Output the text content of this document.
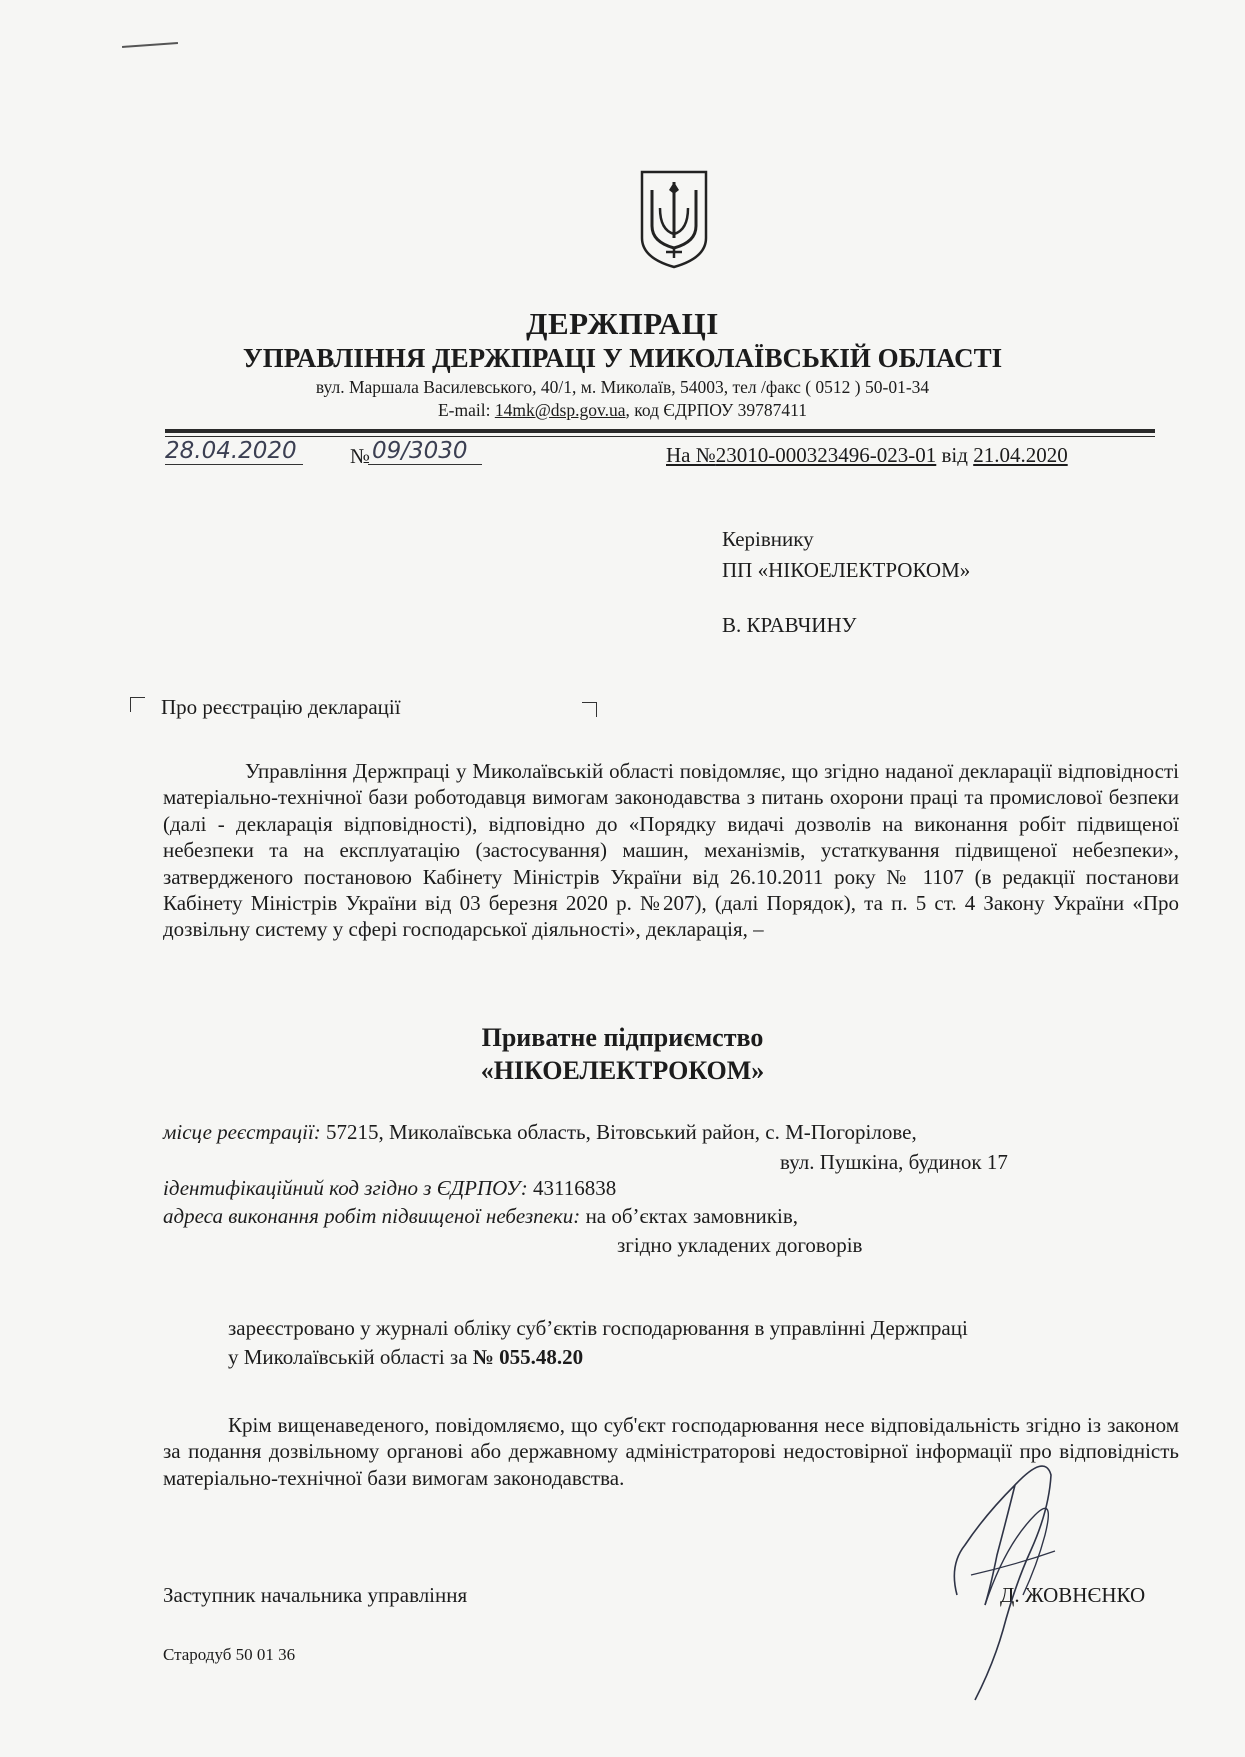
ДЕРЖПРАЦІ
УПРАВЛІННЯ ДЕРЖПРАЦІ У МИКОЛАЇВСЬКІЙ ОБЛАСТІ
вул. Маршала Василевського, 40/1, м. Миколаїв, 54003, тел /факс ( 0512 ) 50-01-34
E-mail: 14mk@dsp.gov.ua, код ЄДРПОУ 39787411
28.04.2020	№ 09/3030	На №23010-000323496-023-01 від 21.04.2020
Керівнику
ПП «НІКОЕЛЕКТРОКОМ»
В. КРАВЧИНУ
Про реєстрацію декларації
Управління Держпраці у Миколаївській області повідомляє, що згідно наданої декларації відповідності матеріально-технічної бази роботодавця вимогам законодавства з питань охорони праці та промислової безпеки (далі - декларація відповідності), відповідно до «Порядку видачі дозволів на виконання робіт підвищеної небезпеки та на експлуатацію (застосування) машин, механізмів, устаткування підвищеної небезпеки», затвердженого постановою Кабінету Міністрів України від 26.10.2011 року № 1107 (в редакції постанови Кабінету Міністрів України від 03 березня 2020 р. №207), (далі Порядок), та п. 5 ст. 4 Закону України «Про дозвільну систему у сфері господарської діяльності», декларація, –
Приватне підприємство
«НІКОЕЛЕКТРОКОМ»
місце реєстрації: 57215, Миколаївська область, Вітовський район, с. М-Погорілове,
вул. Пушкіна, будинок 17
ідентифікаційний код згідно з ЄДРПОУ: 43116838
адреса виконання робіт підвищеної небезпеки: на об’єктах замовників,
згідно укладених договорів
зареєстровано у журналі обліку суб’єктів господарювання в управлінні Держпраці
у Миколаївській області за № 055.48.20
Крім вищенаведеного, повідомляємо, що суб'єкт господарювання несе відповідальність згідно із законом за подання дозвільному органові або державному адміністраторові недостовірної інформації про відповідність матеріально-технічної бази вимогам законодавства.
Заступник начальника управління	Д. ЖОВНЄНКО
Стародуб 50 01 36
